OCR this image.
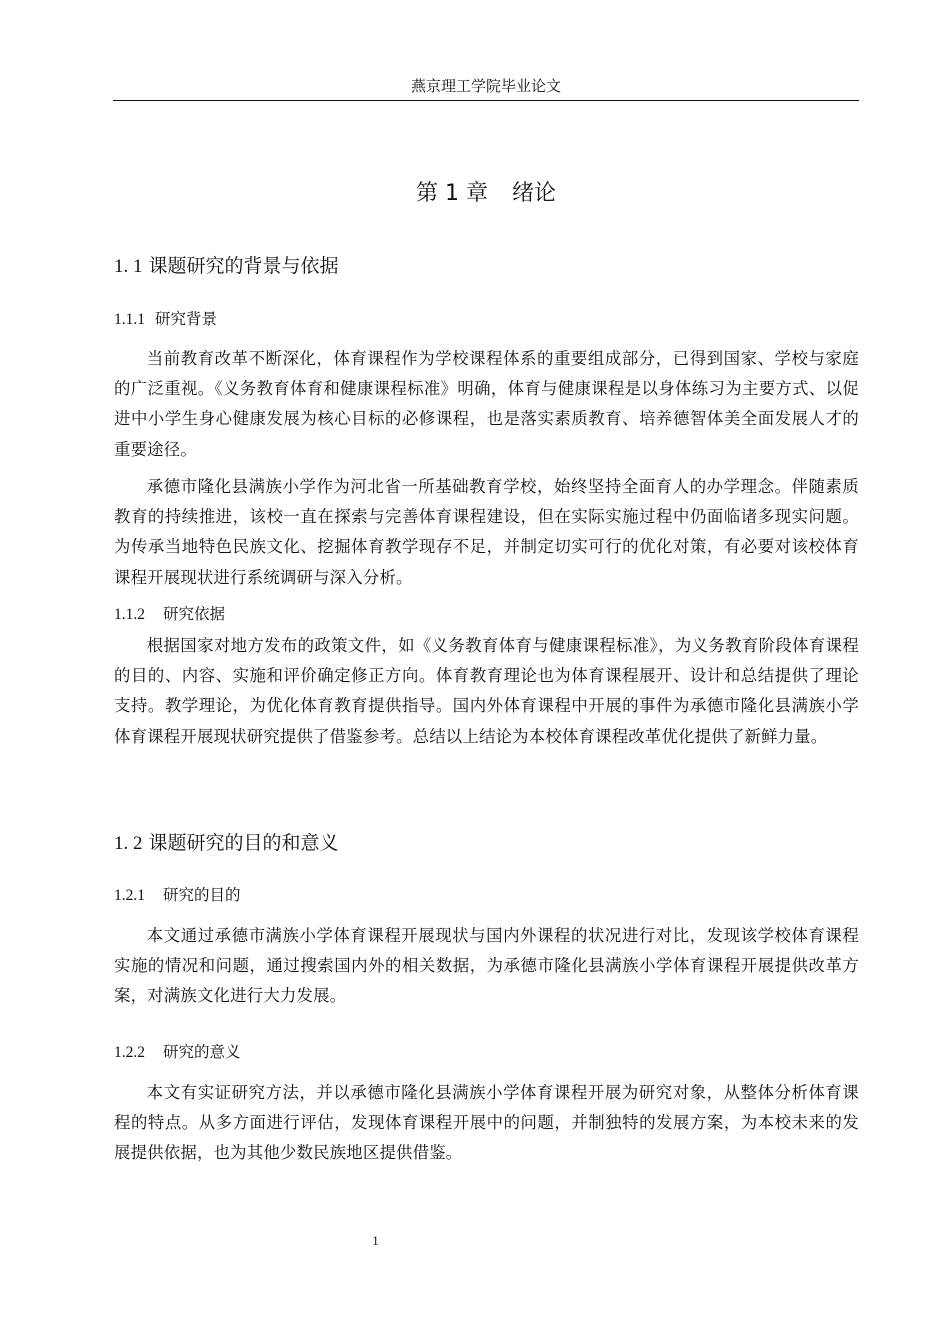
燕京理工学院毕业论文
第 1 章 绪论
1. 1 课题研究的背景与依据
1.1.1 研究背景

当前教育改革不断深化，体育课程作为学校课程体系的重要组成部分，已得到国家、学校与家庭的广泛重视。《义务教育体育和健康课程标准》明确，体育与健康课程是以身体练习为主要方式、以促进中小学生身心健康发展为核心目标的必修课程，也是落实素质教育、培养德智体美全面发展人才的重要途径。

承德市隆化县满族小学作为河北省一所基础教育学校，始终坚持全面育人的办学理念。伴随素质教育的持续推进，该校一直在探索与完善体育课程建设，但在实际实施过程中仍面临诸多现实问题。为传承当地特色民族文化、挖掘体育教学现存不足，并制定切实可行的优化对策，有必要对该校体育课程开展现状进行系统调研与深入分析。

1.1.2 研究依据

根据国家对地方发布的政策文件，如《义务教育体育与健康课程标准》，为义务教育阶段体育课程的目的、内容、实施和评价确定修正方向。体育教育理论也为体育课程展开、设计和总结提供了理论支持。教学理论，为优化体育教育提供指导。国内外体育课程中开展的事件为承德市隆化县满族小学体育课程开展现状研究提供了借鉴参考。总结以上结论为本校体育课程改革优化提供了新鲜力量。

1. 2 课题研究的目的和意义
1.2.1 研究的目的

本文通过承德市满族小学体育课程开展现状与国内外课程的状况进行对比，发现该学校体育课程实施的情况和问题，通过搜索国内外的相关数据，为承德市隆化县满族小学体育课程开展提供改革方案，对满族文化进行大力发展。

1.2.2 研究的意义

本文有实证研究方法，并以承德市隆化县满族小学体育课程开展为研究对象，从整体分析体育课程的特点。从多方面进行评估，发现体育课程开展中的问题，并制独特的发展方案，为本校未来的发展提供依据，也为其他少数民族地区提供借鉴。

1
